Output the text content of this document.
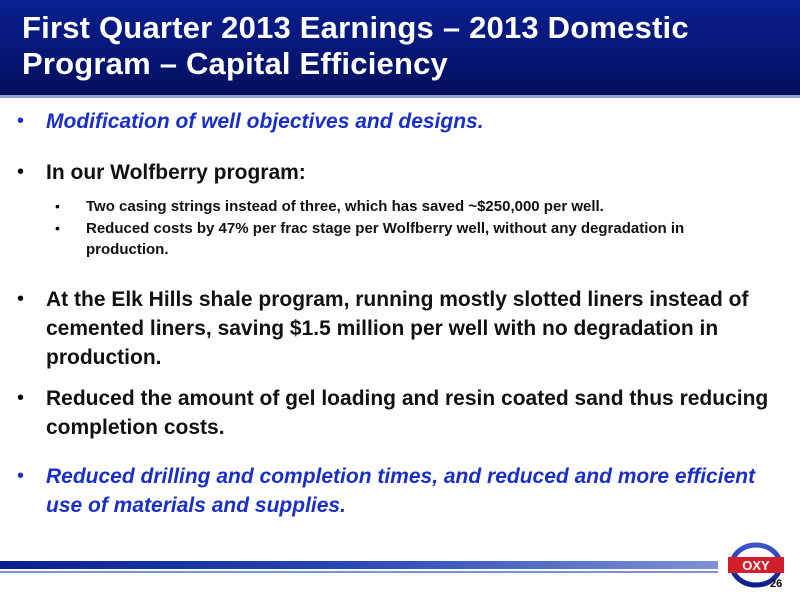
First Quarter 2013 Earnings – 2013 Domestic Program – Capital Efficiency
• Modification of well objectives and designs.
• In our Wolfberry program:
• Two casing strings instead of three, which has saved ~$250,000 per well.
• Reduced costs by 47% per frac stage per Wolfberry well, without any degradation in production.
• At the Elk Hills shale program, running mostly slotted liners instead of cemented liners, saving $1.5 million per well with no degradation in production.
• Reduced the amount of gel loading and resin coated sand thus reducing completion costs.
• Reduced drilling and completion times, and reduced and more efficient use of materials and supplies.
OXY
26
